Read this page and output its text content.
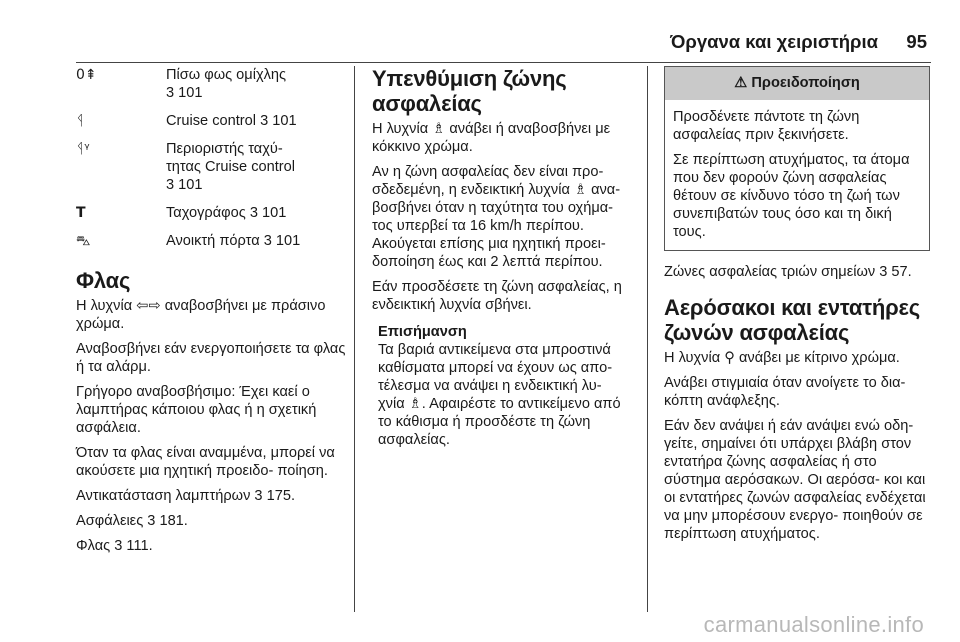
Όργανα και χειριστήρια 95
0⇞	Πίσω φως ομίχλης
3 101
ᛩ	Cruise control 3 101
ᛩᵞ	Περιοριστής ταχύ-
τητας Cruise control
3 101
T	Ταχογράφος 3 101
⛍	Ανοικτή πόρτα 3 101
Φλας

Η λυχνία ⇦⇨ αναβοσβήνει με πράσινο χρώμα.

Αναβοσβήνει εάν ενεργοποιήσετε τα φλας ή τα αλάρμ.

Γρήγορο αναβοσβήσιμο: Έχει καεί ο λαμπτήρας κάποιου φλας ή η σχετική ασφάλεια.

Όταν τα φλας είναι αναμμένα, μπορεί να ακούσετε μια ηχητική προειδο- ποίηση.

Αντικατάσταση λαμπτήρων 3 175.

Ασφάλειες 3 181.

Φλας 3 111.

Υπενθύμιση ζώνης ασφαλείας

Η λυχνία ♗ ανάβει ή αναβοσβήνει με κόκκινο χρώμα.

Αν η ζώνη ασφαλείας δεν είναι προ- σδεδεμένη, η ενδεικτική λυχνία ♗ ανα- βοσβήνει όταν η ταχύτητα του οχήμα- τος υπερβεί τα 16 km/h περίπου. Ακούγεται επίσης μια ηχητική προει- δοποίηση έως και 2 λεπτά περίπου.

Εάν προσδέσετε τη ζώνη ασφαλείας, η ενδεικτική λυχνία σβήνει.

Επισήμανση

Τα βαριά αντικείμενα στα μπροστινά καθίσματα μπορεί να έχουν ως απο- τέλεσμα να ανάψει η ενδεικτική λυ- χνία ♗. Αφαιρέστε το αντικείμενο από το κάθισμα ή προσδέστε τη ζώνη ασφαλείας.

⚠ Προειδοποίηση

Προσδένετε πάντοτε τη ζώνη ασφαλείας πριν ξεκινήσετε.

Σε περίπτωση ατυχήματος, τα άτομα που δεν φορούν ζώνη ασφαλείας θέτουν σε κίνδυνο τόσο τη ζωή των συνεπιβατών τους όσο και τη δική τους.

Ζώνες ασφαλείας τριών σημείων 3 57.

Αερόσακοι και εντατήρες ζωνών ασφαλείας

Η λυχνία ⚲ ανάβει με κίτρινο χρώμα.

Ανάβει στιγμιαία όταν ανοίγετε το δια- κόπτη ανάφλεξης.

Εάν δεν ανάψει ή εάν ανάψει ενώ οδη- γείτε, σημαίνει ότι υπάρχει βλάβη στον εντατήρα ζώνης ασφαλείας ή στο σύστημα αερόσακων. Οι αερόσα- κοι και οι εντατήρες ζωνών ασφαλείας ενδέχεται να μην μπορέσουν ενεργο- ποιηθούν σε περίπτωση ατυχήματος.

carmanualsonline.info
